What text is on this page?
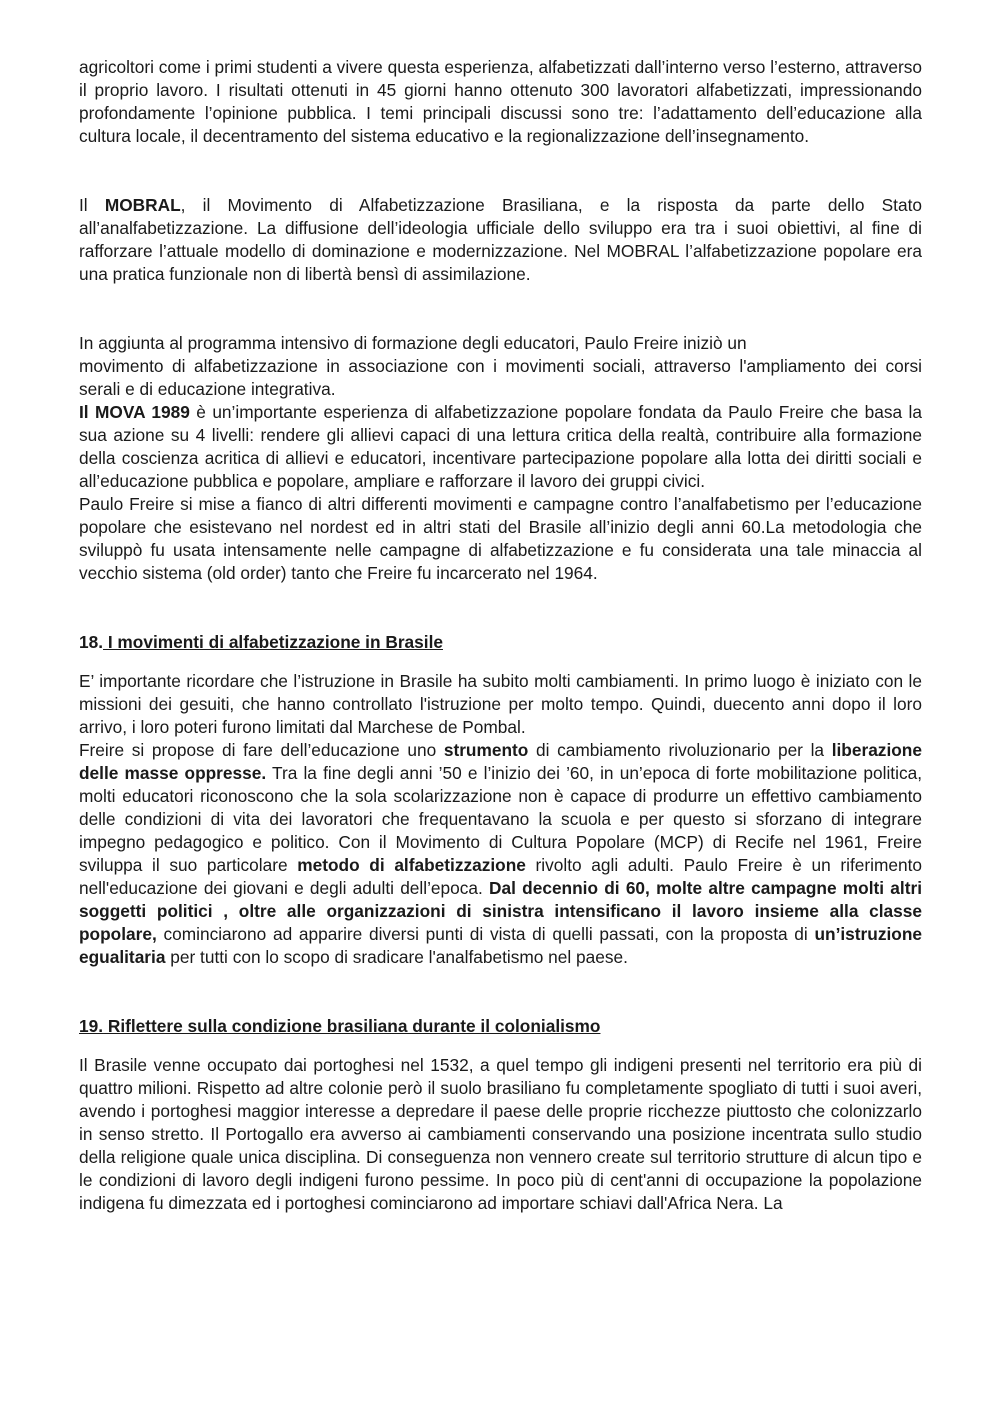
agricoltori come i primi studenti a vivere questa esperienza, alfabetizzati dall’interno verso l’esterno, attraverso il proprio lavoro. I risultati ottenuti in 45 giorni hanno ottenuto 300 lavoratori alfabetizzati, impressionando profondamente l’opinione pubblica. I temi principali discussi sono tre: l’adattamento dell’educazione alla cultura locale, il decentramento del sistema educativo e la regionalizzazione dell’insegnamento.

Il MOBRAL, il Movimento di Alfabetizzazione Brasiliana, e la risposta da parte dello Stato all’analfabetizzazione. La diffusione dell’ideologia ufficiale dello sviluppo era tra i suoi obiettivi, al fine di rafforzare l’attuale modello di dominazione e modernizzazione. Nel MOBRAL l’alfabetizzazione popolare era una pratica funzionale non di libertà bensì di assimilazione.

In aggiunta al programma intensivo di formazione degli educatori, Paulo Freire iniziò un

movimento di alfabetizzazione in associazione con i movimenti sociali, attraverso l'ampliamento dei corsi serali e di educazione integrativa.

Il MOVA 1989 è un’importante esperienza di alfabetizzazione popolare fondata da Paulo Freire che basa la sua azione su 4 livelli: rendere gli allievi capaci di una lettura critica della realtà, contribuire alla formazione della coscienza acritica di allievi e educatori, incentivare partecipazione popolare alla lotta dei diritti sociali e all’educazione pubblica e popolare, ampliare e rafforzare il lavoro dei gruppi civici.

Paulo Freire si mise a fianco di altri differenti movimenti e campagne contro l’analfabetismo per l’educazione popolare che esistevano nel nordest ed in altri stati del Brasile all’inizio degli anni 60.La metodologia che sviluppò fu usata intensamente nelle campagne di alfabetizzazione e fu considerata una tale minaccia al vecchio sistema (old order) tanto che Freire fu incarcerato nel 1964.

18. I movimenti di alfabetizzazione in Brasile

E’ importante ricordare che l’istruzione in Brasile ha subito molti cambiamenti. In primo luogo è iniziato con le missioni dei gesuiti, che hanno controllato l'istruzione per molto tempo. Quindi, duecento anni dopo il loro arrivo, i loro poteri furono limitati dal Marchese de Pombal.

Freire si propose di fare dell’educazione uno strumento di cambiamento rivoluzionario per la liberazione delle masse oppresse. Tra la fine degli anni ’50 e l’inizio dei ’60, in un’epoca di forte mobilitazione politica, molti educatori riconoscono che la sola scolarizzazione non è capace di produrre un effettivo cambiamento delle condizioni di vita dei lavoratori che frequentavano la scuola e per questo si sforzano di integrare impegno pedagogico e politico. Con il Movimento di Cultura Popolare (MCP) di Recife nel 1961, Freire sviluppa il suo particolare metodo di alfabetizzazione rivolto agli adulti. Paulo Freire è un riferimento nell'educazione dei giovani e degli adulti dell’epoca. Dal decennio di 60, molte altre campagne molti altri soggetti politici , oltre alle organizzazioni di sinistra intensificano il lavoro insieme alla classe popolare, cominciarono ad apparire diversi punti di vista di quelli passati, con la proposta di un’istruzione egualitaria per tutti con lo scopo di sradicare l'analfabetismo nel paese.

19. Riflettere sulla condizione brasiliana durante il colonialismo

Il Brasile venne occupato dai portoghesi nel 1532, a quel tempo gli indigeni presenti nel territorio era più di quattro milioni. Rispetto ad altre colonie però il suolo brasiliano fu completamente spogliato di tutti i suoi averi, avendo i portoghesi maggior interesse a depredare il paese delle proprie ricchezze piuttosto che colonizzarlo in senso stretto. Il Portogallo era avverso ai cambiamenti conservando una posizione incentrata sullo studio della religione quale unica disciplina. Di conseguenza non vennero create sul territorio strutture di alcun tipo e le condizioni di lavoro degli indigeni furono pessime. In poco più di cent'anni di occupazione la popolazione indigena fu dimezzata ed i portoghesi cominciarono ad importare schiavi dall'Africa Nera. La
